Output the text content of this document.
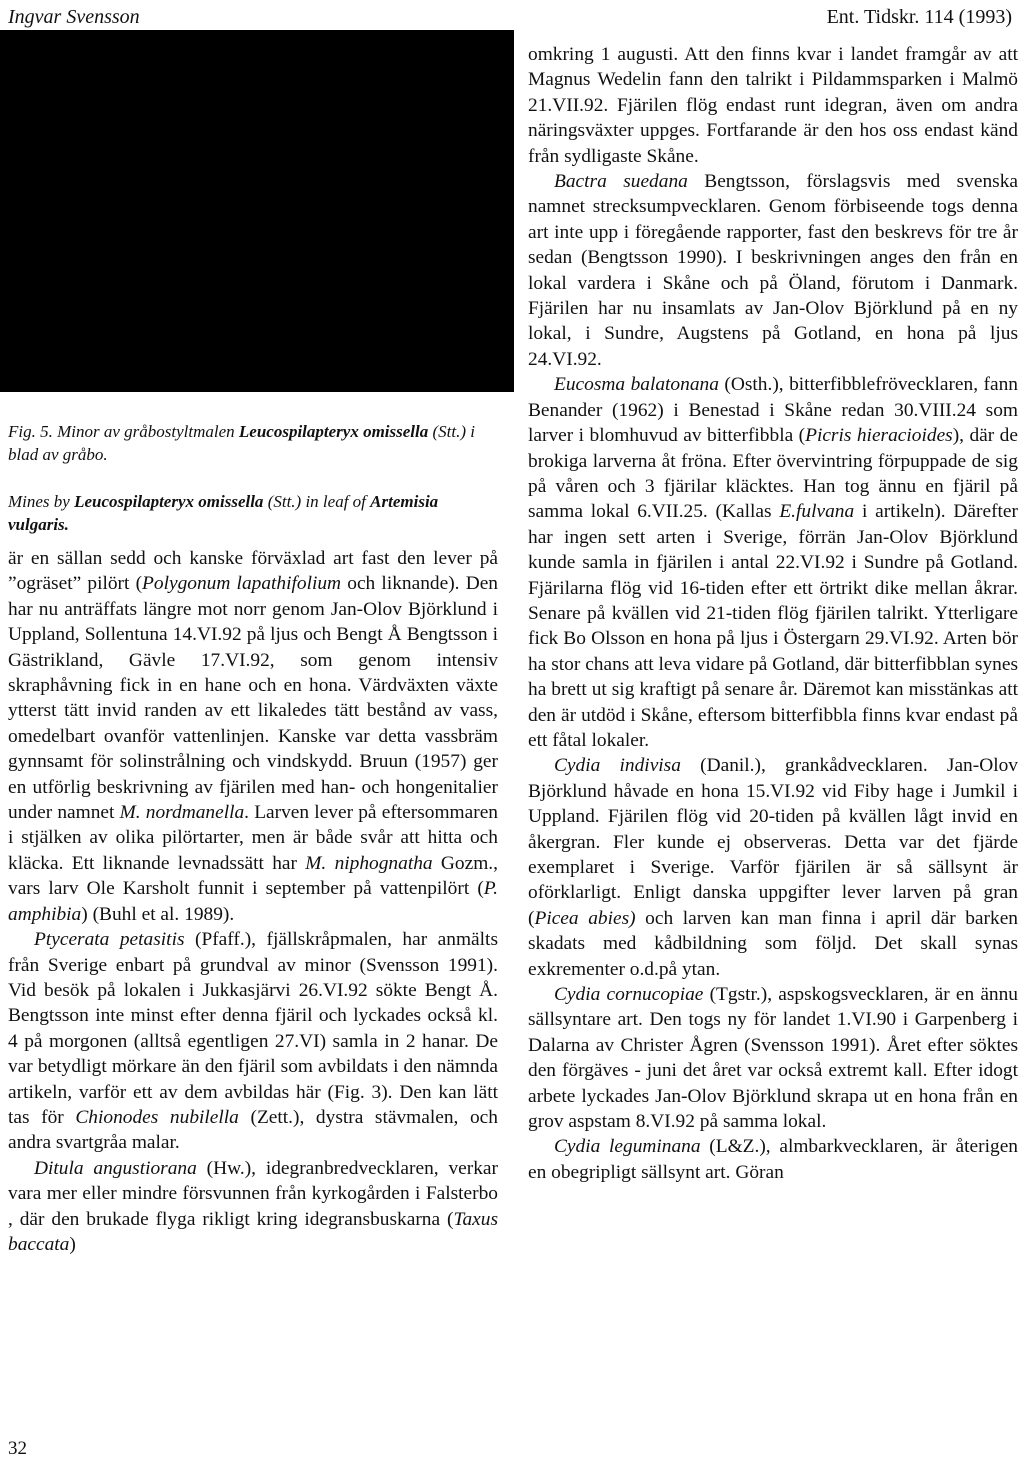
Ingvar Svensson	Ent. Tidskr. 114 (1993)
Fig. 5. Minor av gråbostyltmalen Leucospilapteryx omissella (Stt.) i blad av gråbo.
Mines by Leucospilapteryx omissella (Stt.) in leaf of Artemisia vulgaris.

är en sällan sedd och kanske förväxlad art fast den lever på ”ogräset” pilört (Polygonum lapathifolium och liknande). Den har nu anträffats längre mot norr genom Jan-Olov Björklund i Uppland, Sollentuna 14.VI.92 på ljus och Bengt Å Bengtsson i Gästrikland, Gävle 17.VI.92, som genom intensiv skraphåvning fick in en hane och en hona. Värdväxten växte ytterst tätt invid randen av ett likaledes tätt bestånd av vass, omedelbart ovanför vattenlinjen. Kanske var detta vassbräm gynnsamt för solinstrålning och vindskydd. Bruun (1957) ger en utförlig beskrivning av fjärilen med han- och hongenitalier under namnet M. nordmanella. Larven lever på eftersommaren i stjälken av olika pilörtarter, men är både svår att hitta och kläcka. Ett liknande levnadssätt har M. niphognatha Gozm., vars larv Ole Karsholt funnit i september på vattenpilört (P. amphibia) (Buhl et al. 1989).

Ptycerata petasitis (Pfaff.), fjällskråpmalen, har anmälts från Sverige enbart på grundval av minor (Svensson 1991). Vid besök på lokalen i Jukkasjärvi 26.VI.92 sökte Bengt Å. Bengtsson inte minst efter denna fjäril och lyckades också kl. 4 på morgonen (alltså egentligen 27.VI) samla in 2 hanar. De var betydligt mörkare än den fjäril som avbildats i den nämnda artikeln, varför ett av dem avbildas här (Fig. 3). Den kan lätt tas för Chionodes nubilella (Zett.), dystra stävmalen, och andra svartgråa malar.

Ditula angustiorana (Hw.), idegranbredvecklaren, verkar vara mer eller mindre försvunnen från kyrkogården i Falsterbo , där den brukade flyga rikligt kring idegransbuskarna (Taxus baccata)

omkring 1 augusti. Att den finns kvar i landet framgår av att Magnus Wedelin fann den talrikt i Pildammsparken i Malmö 21.VII.92. Fjärilen flög endast runt idegran, även om andra näringsväxter uppges. Fortfarande är den hos oss endast känd från sydligaste Skåne.

Bactra suedana Bengtsson, förslagsvis med svenska namnet strecksumpvecklaren. Genom förbiseende togs denna art inte upp i föregående rapporter, fast den beskrevs för tre år sedan (Bengtsson 1990). I beskrivningen anges den från en lokal vardera i Skåne och på Öland, förutom i Danmark. Fjärilen har nu insamlats av Jan-Olov Björklund på en ny lokal, i Sundre, Augstens på Gotland, en hona på ljus 24.VI.92.

Eucosma balatonana (Osth.), bitterfibblefrövecklaren, fann Benander (1962) i Benestad i Skåne redan 30.VIII.24 som larver i blomhuvud av bitterfibbla (Picris hieracioides), där de brokiga larverna åt fröna. Efter övervintring förpuppade de sig på våren och 3 fjärilar kläcktes. Han tog ännu en fjäril på samma lokal 6.VII.25. (Kallas E.fulvana i artikeln). Därefter har ingen sett arten i Sverige, förrän Jan-Olov Björklund kunde samla in fjärilen i antal 22.VI.92 i Sundre på Gotland. Fjärilarna flög vid 16-tiden efter ett örtrikt dike mellan åkrar. Senare på kvällen vid 21-tiden flög fjärilen talrikt. Ytterligare fick Bo Olsson en hona på ljus i Östergarn 29.VI.92. Arten bör ha stor chans att leva vidare på Gotland, där bitterfibblan synes ha brett ut sig kraftigt på senare år. Däremot kan misstänkas att den är utdöd i Skåne, eftersom bitterfibbla finns kvar endast på ett fåtal lokaler.

Cydia indivisa (Danil.), grankådvecklaren. Jan-Olov Björklund håvade en hona 15.VI.92 vid Fiby hage i Jumkil i Uppland. Fjärilen flög vid 20-tiden på kvällen lågt invid en åkergran. Fler kunde ej observeras. Detta var det fjärde exemplaret i Sverige. Varför fjärilen är så sällsynt är oförklarligt. Enligt danska uppgifter lever larven på gran (Picea abies) och larven kan man finna i april där barken skadats med kådbildning som följd. Det skall synas exkrementer o.d.på ytan.

Cydia cornucopiae (Tgstr.), aspskogsvecklaren, är en ännu sällsyntare art. Den togs ny för landet 1.VI.90 i Garpenberg i Dalarna av Christer Ågren (Svensson 1991). Året efter söktes den förgäves - juni det året var också extremt kall. Efter idogt arbete lyckades Jan-Olov Björklund skrapa ut en hona från en grov aspstam 8.VI.92 på samma lokal.

Cydia leguminana (L&Z.), almbarkvecklaren, är återigen en obegripligt sällsynt art. Göran

32
